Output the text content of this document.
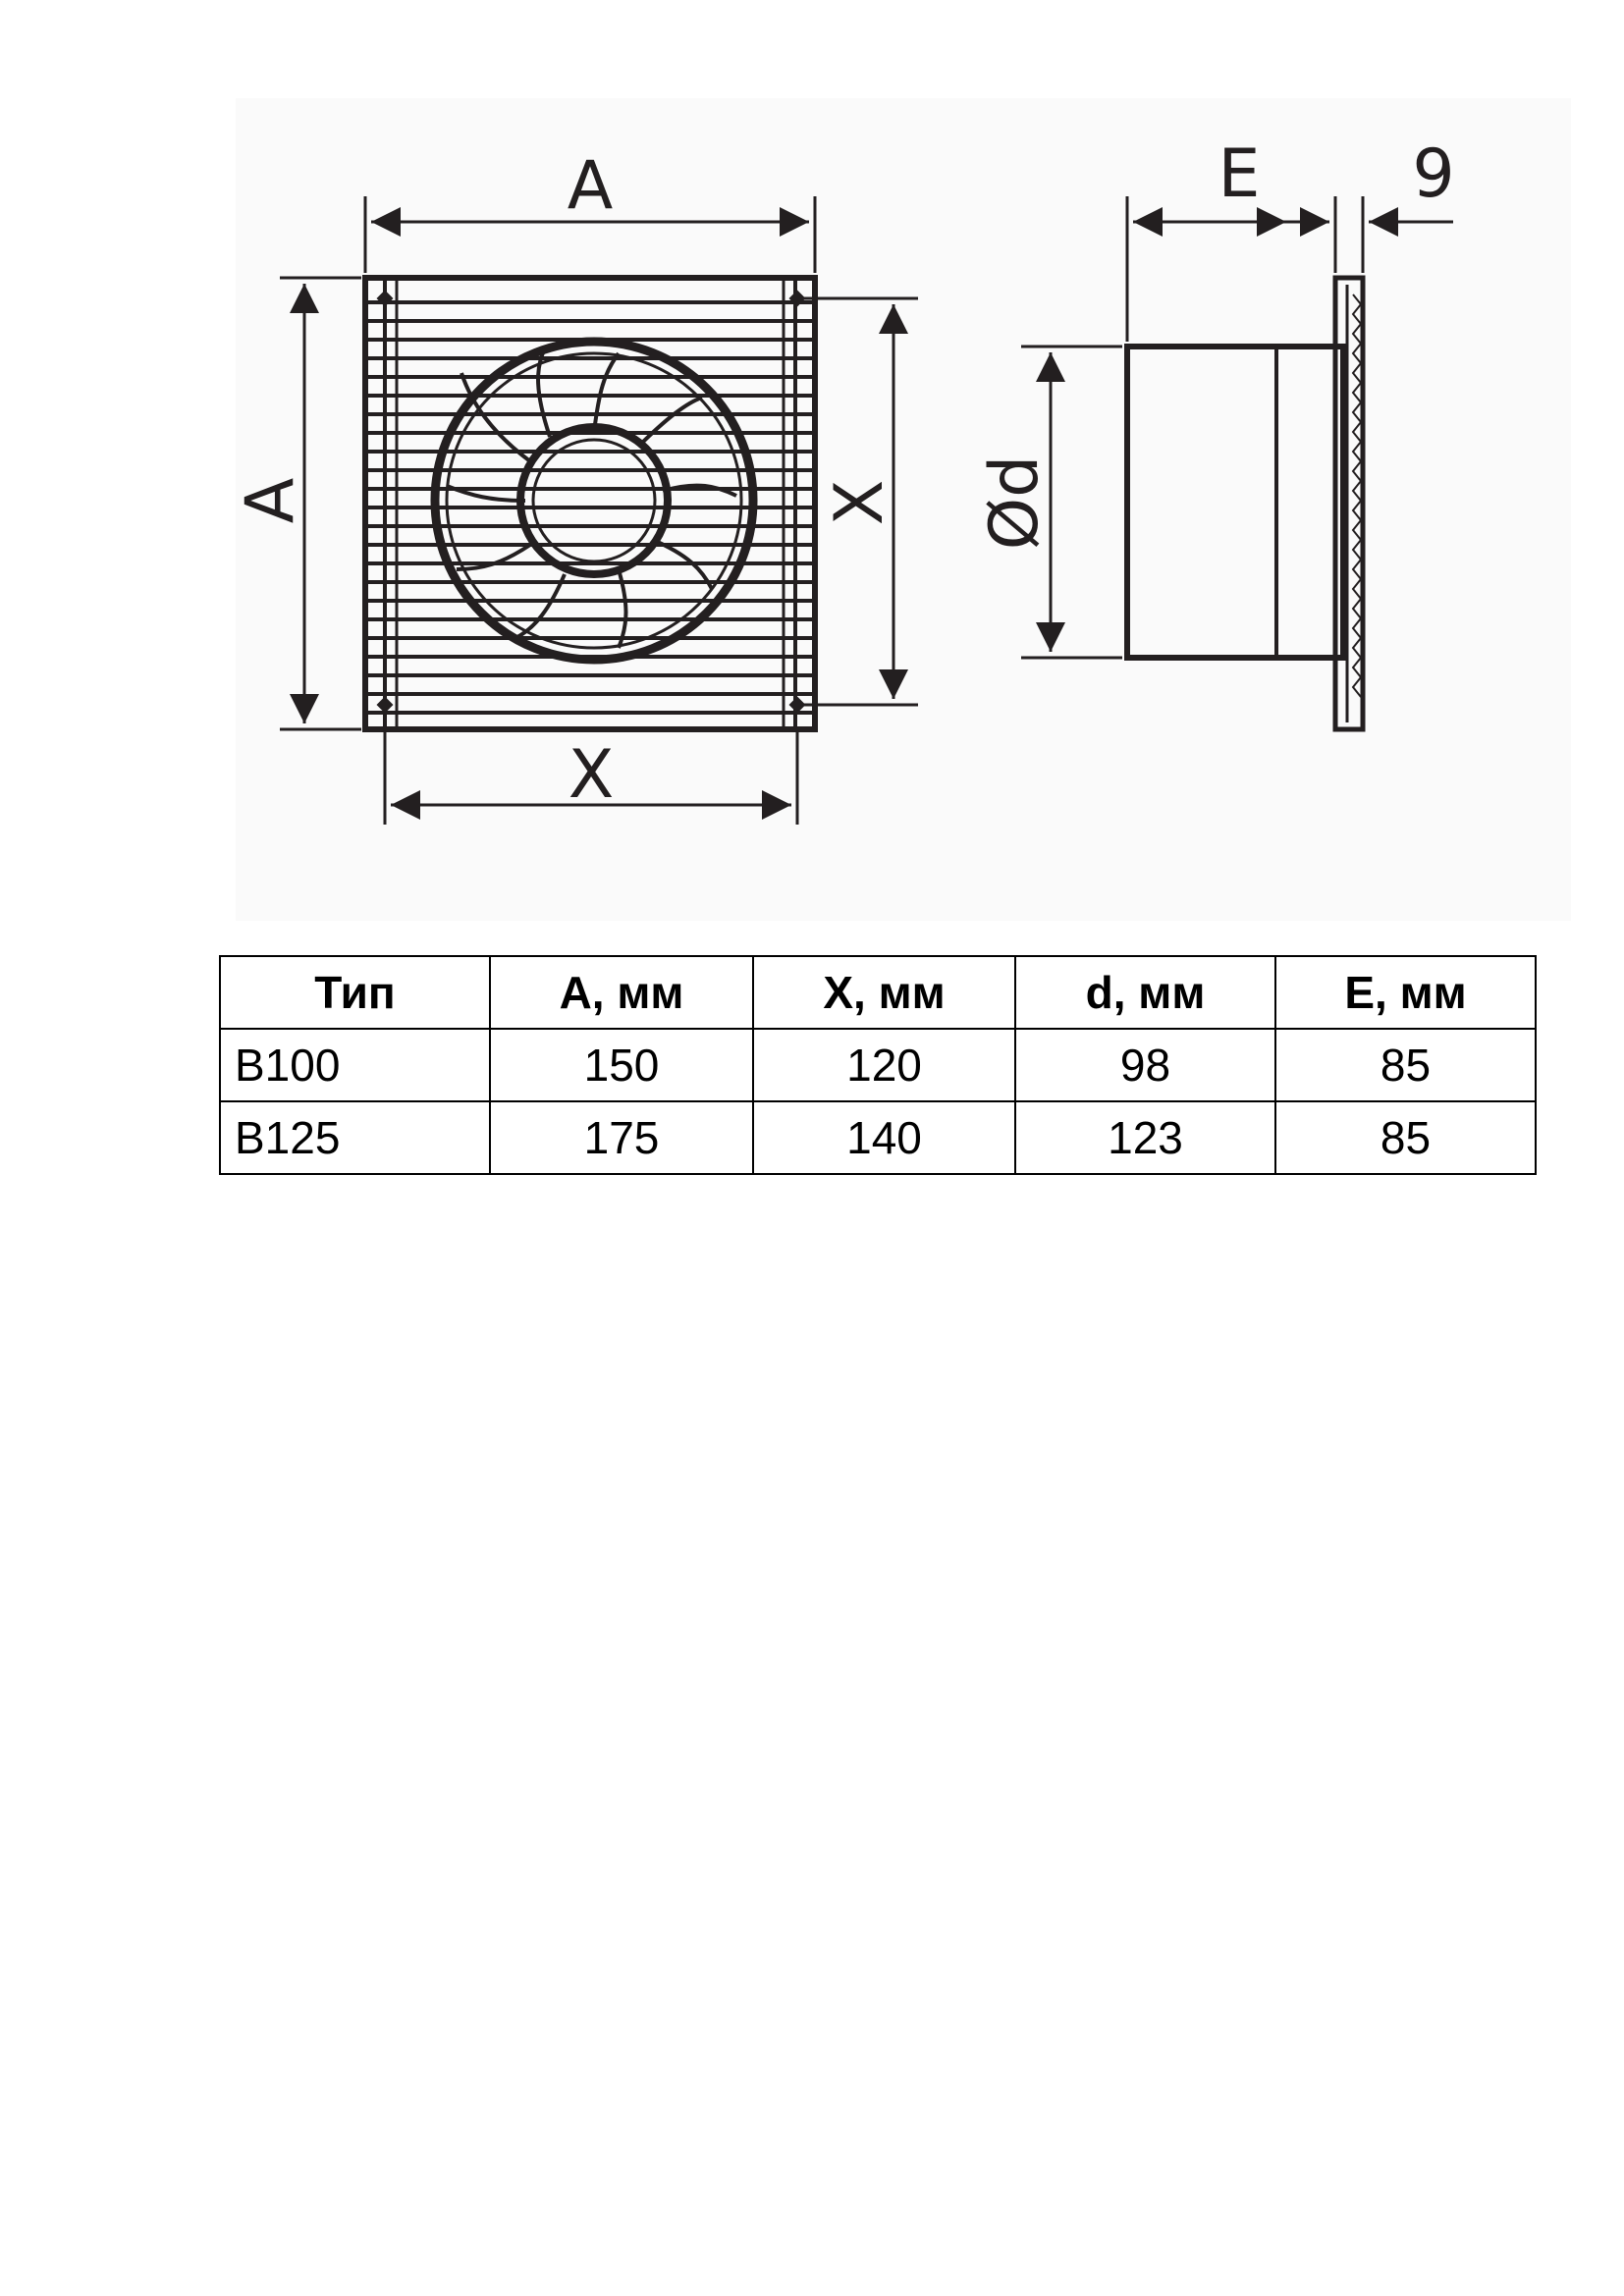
A
A	X
X
E 9
Ød
Тип	A, мм	X, мм	d, мм	E, мм
B100	150	120	98	85
B125	175	140	123	85
